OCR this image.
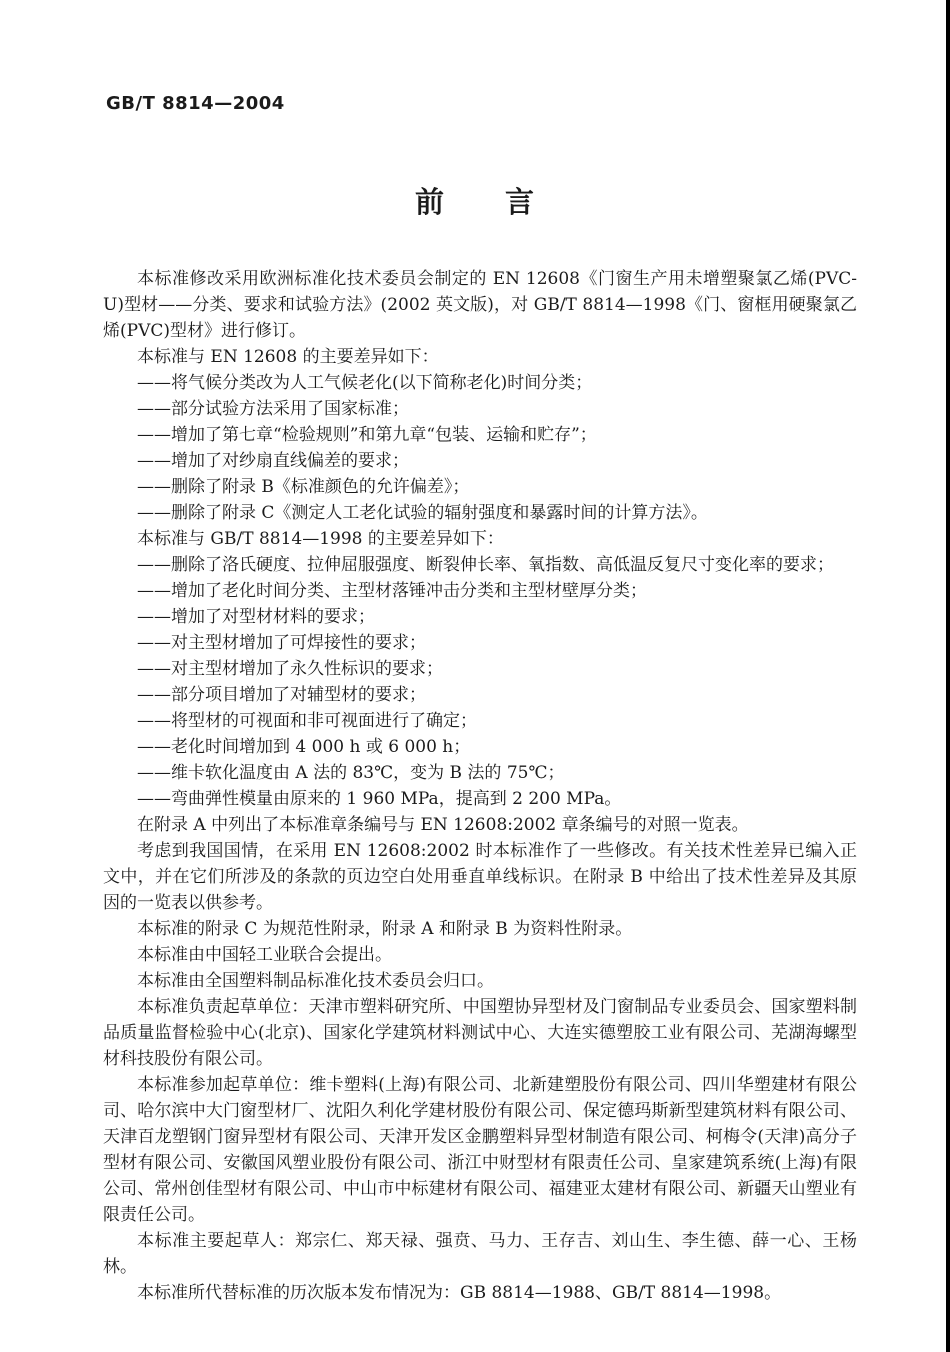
GB/T 8814—2004
前　　言

本标准修改采用欧洲标准化技术委员会制定的 EN 12608《门窗生产用未增塑聚氯乙烯(PVC-U)型材——分类、要求和试验方法》(2002 英文版)，对 GB/T 8814—1998《门、窗框用硬聚氯乙烯(PVC)型材》进行修订。

本标准与 EN 12608 的主要差异如下：

——将气候分类改为人工气候老化(以下简称老化)时间分类；

——部分试验方法采用了国家标准；

——增加了第七章“检验规则”和第九章“包装、运输和贮存”；

——增加了对纱扇直线偏差的要求；

——删除了附录 B《标准颜色的允许偏差》；

——删除了附录 C《测定人工老化试验的辐射强度和暴露时间的计算方法》。

本标准与 GB/T 8814—1998 的主要差异如下：

——删除了洛氏硬度、拉伸屈服强度、断裂伸长率、氧指数、高低温反复尺寸变化率的要求；

——增加了老化时间分类、主型材落锤冲击分类和主型材壁厚分类；

——增加了对型材材料的要求；

——对主型材增加了可焊接性的要求；

——对主型材增加了永久性标识的要求；

——部分项目增加了对辅型材的要求；

——将型材的可视面和非可视面进行了确定；

——老化时间增加到 4 000 h 或 6 000 h；

——维卡软化温度由 A 法的 83℃，变为 B 法的 75℃；

——弯曲弹性模量由原来的 1 960 MPa，提高到 2 200 MPa。

在附录 A 中列出了本标准章条编号与 EN 12608:2002 章条编号的对照一览表。

考虑到我国国情，在采用 EN 12608:2002 时本标准作了一些修改。有关技术性差异已编入正文中，并在它们所涉及的条款的页边空白处用垂直单线标识。在附录 B 中给出了技术性差异及其原因的一览表以供参考。

本标准的附录 C 为规范性附录，附录 A 和附录 B 为资料性附录。

本标准由中国轻工业联合会提出。

本标准由全国塑料制品标准化技术委员会归口。

本标准负责起草单位：天津市塑料研究所、中国塑协异型材及门窗制品专业委员会、国家塑料制品质量监督检验中心(北京)、国家化学建筑材料测试中心、大连实德塑胶工业有限公司、芜湖海螺型材科技股份有限公司。

本标准参加起草单位：维卡塑料(上海)有限公司、北新建塑股份有限公司、四川华塑建材有限公司、哈尔滨中大门窗型材厂、沈阳久利化学建材股份有限公司、保定德玛斯新型建筑材料有限公司、天津百龙塑钢门窗异型材有限公司、天津开发区金鹏塑料异型材制造有限公司、柯梅令(天津)高分子型材有限公司、安徽国风塑业股份有限公司、浙江中财型材有限责任公司、皇家建筑系统(上海)有限公司、常州创佳型材有限公司、中山市中标建材有限公司、福建亚太建材有限公司、新疆天山塑业有限责任公司。

本标准主要起草人：郑宗仁、郑天禄、强贲、马力、王存吉、刘山生、李生德、薛一心、王杨林。

本标准所代替标准的历次版本发布情况为：GB 8814—1988、GB/T 8814—1998。
